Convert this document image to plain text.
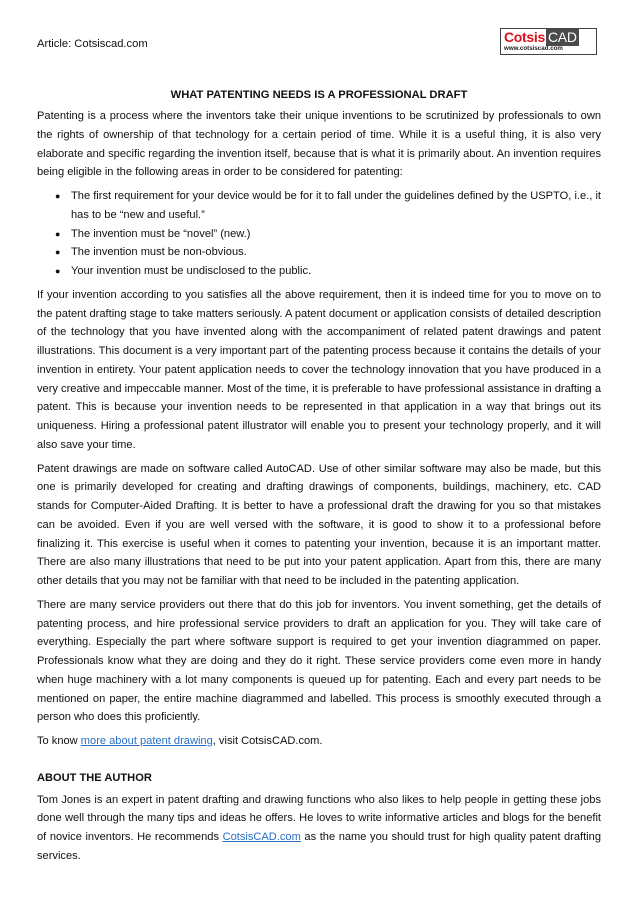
Article: Cotsiscad.com	Cotsis CAD
www.cotsiscad.com
WHAT PATENTING NEEDS IS A PROFESSIONAL DRAFT

Patenting is a process where the inventors take their unique inventions to be scrutinized by professionals to own the rights of ownership of that technology for a certain period of time. While it is a useful thing, it is also very elaborate and specific regarding the invention itself, because that is what it is primarily about. An invention requires being eligible in the following areas in order to be considered for patenting:

● The first requirement for your device would be for it to fall under the guidelines defined by the USPTO, i.e., it has to be “new and useful.”
● The invention must be “novel” (new.)
● The invention must be non-obvious.
● Your invention must be undisclosed to the public.

If your invention according to you satisfies all the above requirement, then it is indeed time for you to move on to the patent drafting stage to take matters seriously. A patent document or application consists of detailed description of the technology that you have invented along with the accompaniment of related patent drawings and patent illustrations. This document is a very important part of the patenting process because it contains the details of your invention in entirety. Your patent application needs to cover the technology innovation that you have produced in a very creative and impeccable manner. Most of the time, it is preferable to have professional assistance in drafting a patent. This is because your invention needs to be represented in that application in a way that brings out its uniqueness. Hiring a professional patent illustrator will enable you to present your technology properly, and it will also save your time.

Patent drawings are made on software called AutoCAD. Use of other similar software may also be made, but this one is primarily developed for creating and drafting drawings of components, buildings, machinery, etc. CAD stands for Computer-Aided Drafting. It is better to have a professional draft the drawing for you so that mistakes can be avoided. Even if you are well versed with the software, it is good to show it to a professional before finalizing it. This exercise is useful when it comes to patenting your invention, because it is an important matter. There are also many illustrations that need to be put into your patent application. Apart from this, there are many other details that you may not be familiar with that need to be included in the patenting application.

There are many service providers out there that do this job for inventors. You invent something, get the details of patenting process, and hire professional service providers to draft an application for you. They will take care of everything. Especially the part where software support is required to get your invention diagrammed on paper. Professionals know what they are doing and they do it right. These service providers come even more in handy when huge machinery with a lot many components is queued up for patenting. Each and every part needs to be mentioned on paper, the entire machine diagrammed and labelled. This process is smoothly executed through a person who does this proficiently.

To know more about patent drawing, visit CotsisCAD.com.

ABOUT THE AUTHOR

Tom Jones is an expert in patent drafting and drawing functions who also likes to help people in getting these jobs done well through the many tips and ideas he offers. He loves to write informative articles and blogs for the benefit of novice inventors. He recommends CotsisCAD.com as the name you should trust for high quality patent drafting services.
